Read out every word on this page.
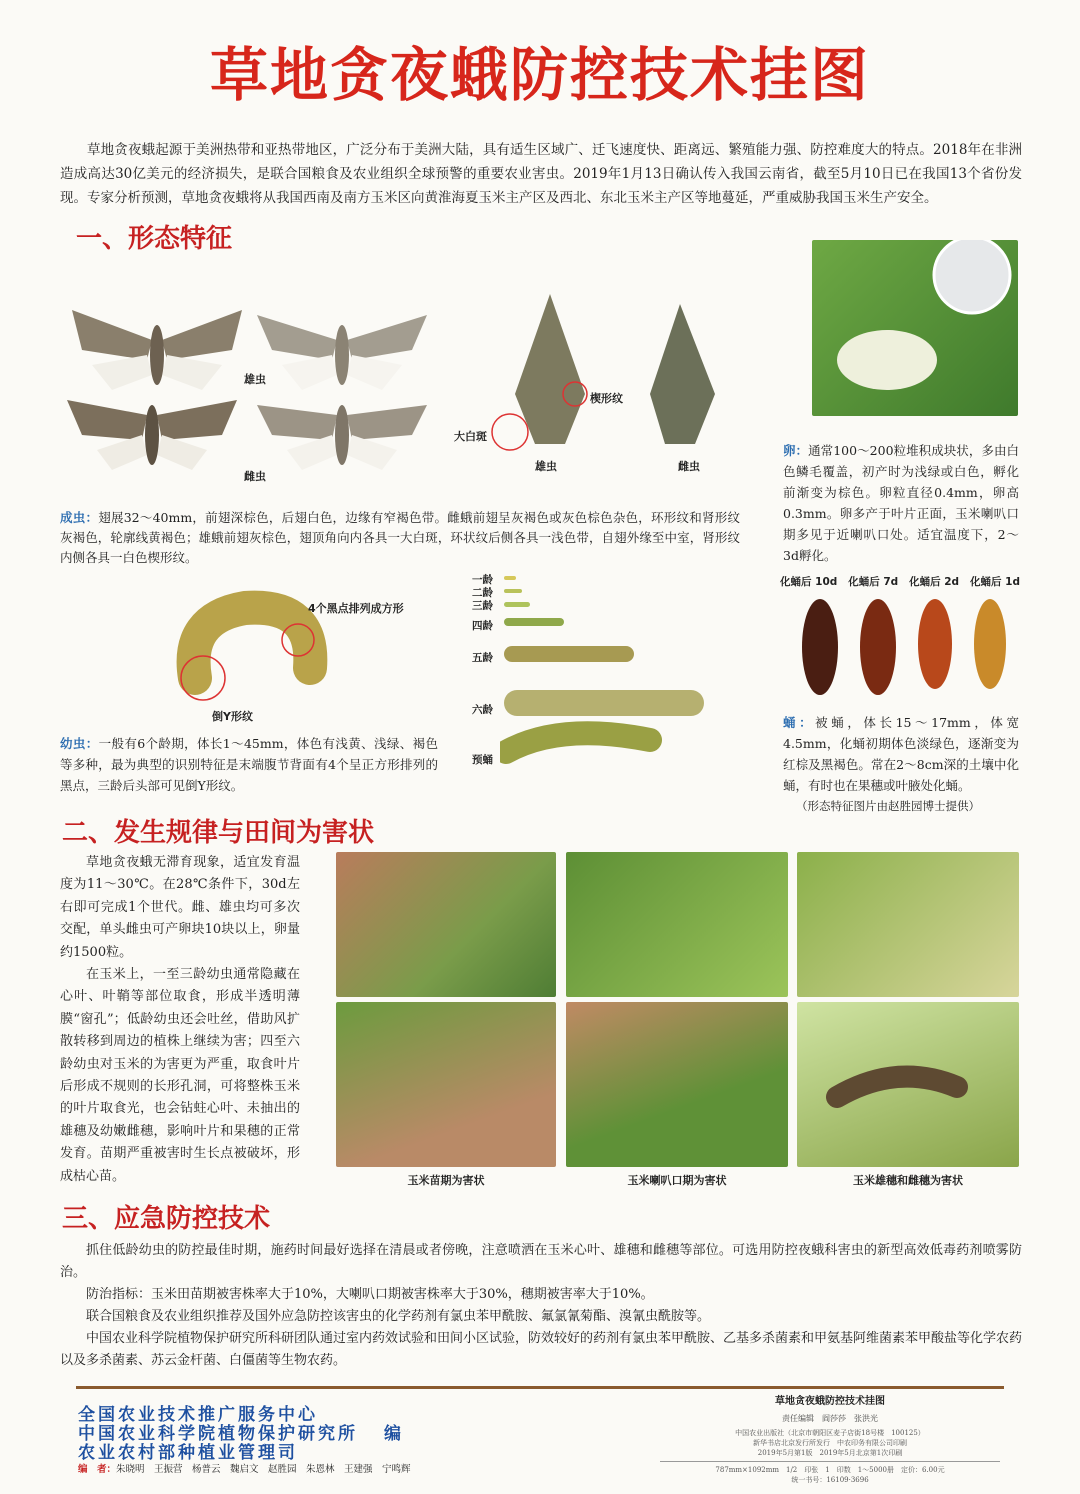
草地贪夜蛾防控技术挂图
草地贪夜蛾起源于美洲热带和亚热带地区，广泛分布于美洲大陆，具有适生区域广、迁飞速度快、距离远、繁殖能力强、防控难度大的特点。2018年在非洲造成高达30亿美元的经济损失，是联合国粮食及农业组织全球预警的重要农业害虫。2019年1月13日确认传入我国云南省，截至5月10日已在我国13个省份发现。专家分析预测，草地贪夜蛾将从我国西南及南方玉米区向黄淮海夏玉米主产区及西北、东北玉米主产区等地蔓延，严重威胁我国玉米生产安全。
一、形态特征
雄虫
雌虫
大白斑
楔形纹
雄虫	雌虫
卵：通常100～200粒堆积成块状，多由白色鳞毛覆盖，初产时为浅绿或白色，孵化前渐变为棕色。卵粒直径0.4mm，卵高0.3mm。卵多产于叶片正面，玉米喇叭口期多见于近喇叭口处。适宜温度下，2～3d孵化。
成虫：翅展32～40mm，前翅深棕色，后翅白色，边缘有窄褐色带。雌蛾前翅呈灰褐色或灰色棕色杂色，环形纹和肾形纹灰褐色，轮廓线黄褐色；雄蛾前翅灰棕色，翅顶角向内各具一大白斑，环状纹后侧各具一浅色带，自翅外缘至中室，肾形纹内侧各具一白色楔形纹。
化蛹后 10d 化蛹后 7d 化蛹后 2d 化蛹后 1d
蛹：被蛹，体长15～17mm，体宽4.5mm，化蛹初期体色淡绿色，逐渐变为红棕及黑褐色。常在2～8cm深的土壤中化蛹，有时也在果穗或叶腋处化蛹。
（形态特征图片由赵胜园博士提供）
4个黑点排列成方形
倒Y形纹
一龄
二龄
三龄
四龄
五龄
六龄
预蛹
幼虫：一般有6个龄期，体长1～45mm，体色有浅黄、浅绿、褐色等多种，最为典型的识别特征是末端腹节背面有4个呈正方形排列的黑点，三龄后头部可见倒Y形纹。
二、发生规律与田间为害状

草地贪夜蛾无滞育现象，适宜发育温度为11～30℃。在28℃条件下，30d左右即可完成1个世代。雌、雄虫均可多次交配，单头雌虫可产卵块10块以上，卵量约1500粒。

在玉米上，一至三龄幼虫通常隐藏在心叶、叶鞘等部位取食，形成半透明薄膜“窗孔”；低龄幼虫还会吐丝，借助风扩散转移到周边的植株上继续为害；四至六龄幼虫对玉米的为害更为严重，取食叶片后形成不规则的长形孔洞，可将整株玉米的叶片取食光，也会钻蛀心叶、未抽出的雄穗及幼嫩雌穗，影响叶片和果穗的正常发育。苗期严重被害时生长点被破坏，形成枯心苗。	玉米苗期为害状	玉米喇叭口期为害状	玉米雄穗和雌穗为害状
三、应急防控技术

抓住低龄幼虫的防控最佳时期，施药时间最好选择在清晨或者傍晚，注意喷洒在玉米心叶、雄穗和雌穗等部位。可选用防控夜蛾科害虫的新型高效低毒药剂喷雾防治。

防治指标：玉米田苗期被害株率大于10%，大喇叭口期被害株率大于30%，穗期被害率大于10%。

联合国粮食及农业组织推荐及国外应急防控该害虫的化学药剂有氯虫苯甲酰胺、氟氯氰菊酯、溴氰虫酰胺等。

中国农业科学院植物保护研究所科研团队通过室内药效试验和田间小区试验，防效较好的药剂有氯虫苯甲酰胺、乙基多杀菌素和甲氨基阿维菌素苯甲酸盐等化学农药以及多杀菌素、苏云金杆菌、白僵菌等生物农药。

全国农业技术推广服务中心
中国农业科学院植物保护研究所 编
农业农村部种植业管理司
编　者：朱晓明　王振营　杨普云　魏启文　赵胜园　朱恩林　王建强　宁鸣辉
草地贪夜蛾防控技术挂图
责任编辑　阎莎莎　张洪光
中国农业出版社（北京市朝阳区麦子店街18号楼　100125）
新华书店北京发行所发行　中农印务有限公司印刷
2019年5月第1版　2019年5月北京第1次印刷
787mm×1092mm　1/2　印张　1　印数　1～5000册　定价：6.00元
统一书号：16109·3696
